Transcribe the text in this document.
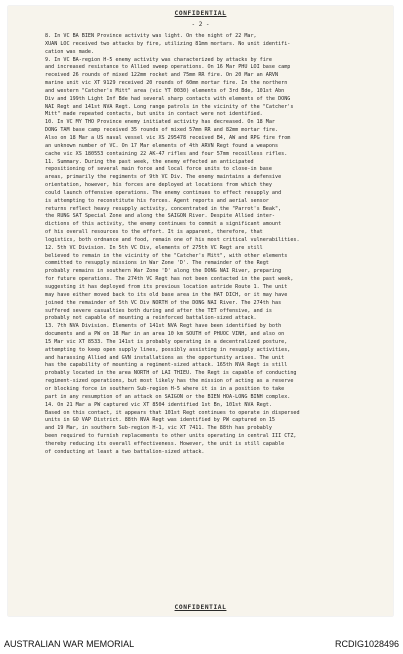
CONFIDENTIAL
- 2 -
8. In VC BA BIEN Province activity was light. On the night of 22 Mar,
XUAN LOC received two attacks by fire, utilizing 81mm mortars. No unit identifi-
cation was made.
9. In VC BA-region H-5 enemy activity was characterized by attacks by fire
and increased resistance to Allied sweep operations. On 16 Mar PHU LOI base camp
received 26 rounds of mixed 122mm rocket and 75mm RR fire. On 20 Mar an ARVN
marine unit vic XT 9129 received 20 rounds of 60mm mortar fire. In the northern
and western "Catcher's Mitt" area (vic YT 0030) elements of 3rd Bde, 101st Abn
Div and 199th Light Inf Bde had several sharp contacts with elements of the DONG
NAI Regt and 141st NVA Regt. Long range patrols in the vicinity of the "Catcher's
Mitt" made repeated contacts, but units in contact were not identified.
10. In VC MY THO Province enemy initiated activity has decreased. On 18 Mar
DONG TAM base camp received 35 rounds of mixed 57mm RR and 82mm mortar fire.
Also on 18 Mar a US naval vessel vic XS 295478 received B4, AW and RPG fire from
an unknown number of VC. On 17 Mar elements of 4th ARVN Regt found a weapons
cache vic XS 180553 containing 22 AK-47 rifles and four 57mm recoilless rifles.
11. Summary. During the past week, the enemy effected an anticipated
repositioning of several main force and local force units to close-in base
areas, primarily the regiments of 9th VC Div. The enemy maintains a defensive
orientation, however, his forces are deployed at locations from which they
could launch offensive operations. The enemy continues to effect resupply and
is attempting to reconstitute his forces. Agent reports and aerial sensor
returns reflect heavy resupply activity, concentrated in the "Parrot's Beak",
the RUNG SAT Special Zone and along the SAIGON River. Despite Allied inter-
dictions of this activity, the enemy continues to commit a significant amount
of his overall resources to the effort. It is apparent, therefore, that
logistics, both ordnance and food, remain one of his most critical vulnerabilities.
12. 5th VC Division. In 5th VC Div, elements of 275th VC Regt are still
believed to remain in the vicinity of the "Catcher's Mitt", with other elements
committed to resupply missions in War Zone 'D'. The remainder of the Regt
probably remains in southern War Zone 'D' along the DONG NAI River, preparing
for future operations. The 274th VC Regt has not been contacted in the past week,
suggesting it has deployed from its previous location astride Route 1. The unit
may have either moved back to its old base area in the HAT DICH, or it may have
joined the remainder of 5th VC Div NORTH of the DONG NAI River. The 274th has
suffered severe casualties both during and after the TET offensive, and is
probably not capable of mounting a reinforced battalion-sized attack.
13. 7th NVA Division. Elements of 141st NVA Regt have been identified by both
documents and a PW on 18 Mar in an area 10 km SOUTH of PHUOC VINH, and also on
15 Mar vic XT 8533. The 141st is probably operating in a decentralized posture,
attempting to keep open supply lines, possibly assisting in resupply activities,
and harassing Allied and GVN installations as the opportunity arises. The unit
has the capability of mounting a regiment-sized attack. 165th NVA Regt is still
probably located in the area NORTH of LAI THIEU. The Regt is capable of conducting
regiment-sized operations, but most likely has the mission of acting as a reserve
or blocking force in southern Sub-region H-5 where it is in a position to take
part in any resumption of an attack on SAIGON or the BIEN HOA-LONG BINH complex.
14. On 21 Mar a PW captured vic XT 8504 identified 1st Bn, 101st NVA Regt.
Based on this contact, it appears that 101st Regt continues to operate in dispersed
units in GO VAP District. 88th NVA Regt was identified by PW captured on 15
and 19 Mar, in southern Sub-region H-1, vic XT 7411. The 88th has probably
been required to furnish replacements to other units operating in central III CTZ,
thereby reducing its overall effectiveness. However, the unit is still capable
of conducting at least a two battalion-sized attack.
CONFIDENTIAL
AUSTRALIAN WAR MEMORIAL	RCDIG1028496
